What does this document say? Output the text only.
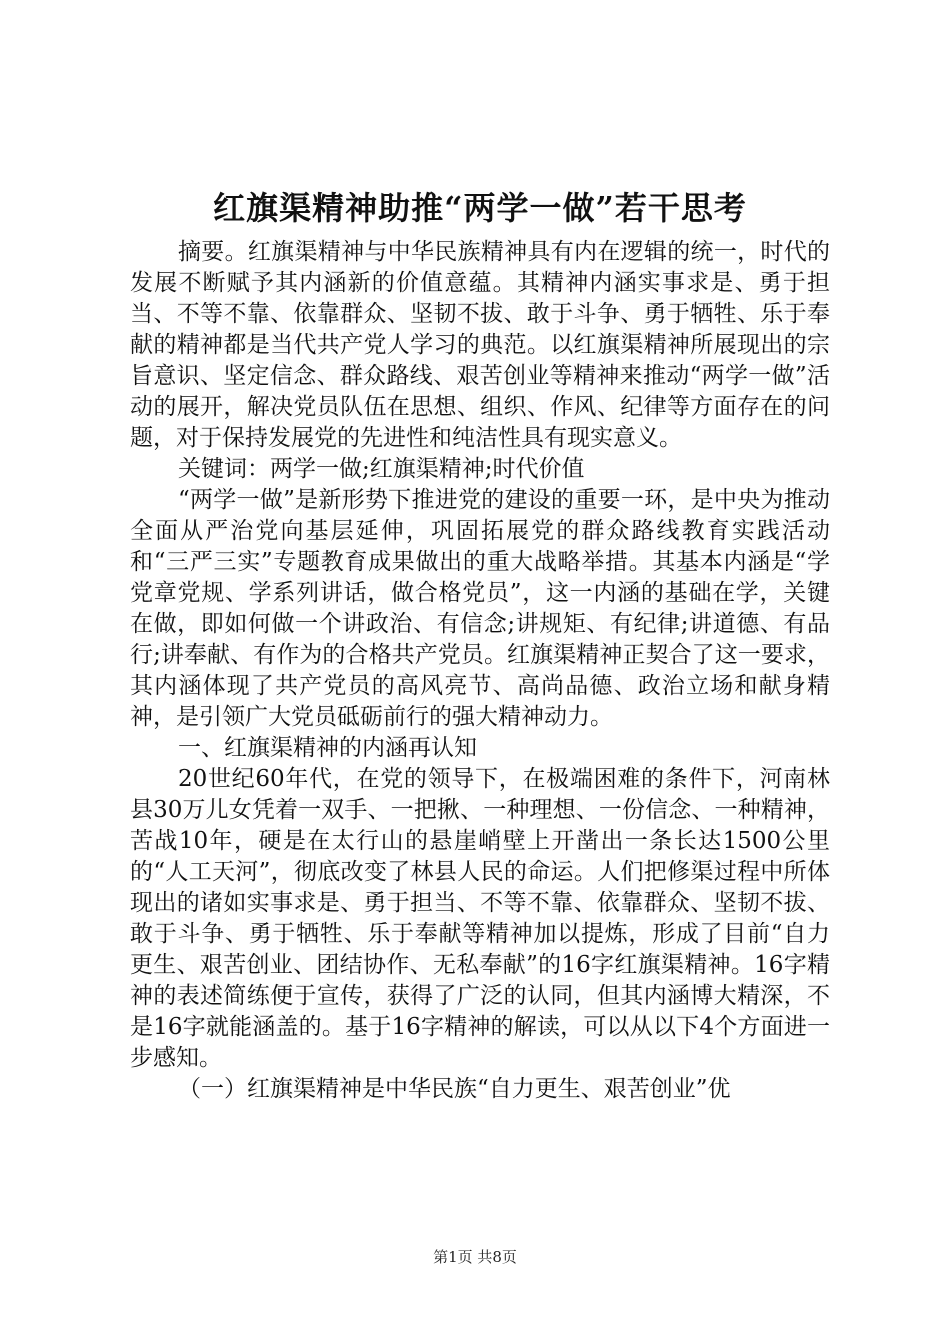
红旗渠精神助推“两学一做”若干思考

摘要。红旗渠精神与中华民族精神具有内在逻辑的统一，时代的发展不断赋予其内涵新的价值意蕴。其精神内涵实事求是、勇于担当、不等不靠、依靠群众、坚韧不拔、敢于斗争、勇于牺牲、乐于奉献的精神都是当代共产党人学习的典范。以红旗渠精神所展现出的宗旨意识、坚定信念、群众路线、艰苦创业等精神来推动“两学一做”活动的展开，解决党员队伍在思想、组织、作风、纪律等方面存在的问题，对于保持发展党的先进性和纯洁性具有现实意义。

关键词：两学一做;红旗渠精神;时代价值

“两学一做”是新形势下推进党的建设的重要一环，是中央为推动全面从严治党向基层延伸，巩固拓展党的群众路线教育实践活动和“三严三实”专题教育成果做出的重大战略举措。其基本内涵是“学党章党规、学系列讲话，做合格党员”，这一内涵的基础在学，关键在做，即如何做一个讲政治、有信念;讲规矩、有纪律;讲道德、有品行;讲奉献、有作为的合格共产党员。红旗渠精神正契合了这一要求，其内涵体现了共产党员的高风亮节、高尚品德、政治立场和献身精神，是引领广大党员砥砺前行的强大精神动力。

一、红旗渠精神的内涵再认知

20世纪60年代，在党的领导下，在极端困难的条件下，河南林县30万儿女凭着一双手、一把揪、一种理想、一份信念、一种精神，苦战10年，硬是在太行山的悬崖峭壁上开凿出一条长达1500公里的“人工天河”，彻底改变了林县人民的命运。人们把修渠过程中所体现出的诸如实事求是、勇于担当、不等不靠、依靠群众、坚韧不拔、敢于斗争、勇于牺牲、乐于奉献等精神加以提炼，形成了目前“自力更生、艰苦创业、团结协作、无私奉献”的16字红旗渠精神。16字精神的表述简练便于宣传，获得了广泛的认同，但其内涵博大精深，不是16字就能涵盖的。基于16字精神的解读，可以从以下4个方面进一步感知。

（一）红旗渠精神是中华民族“自力更生、艰苦创业”优

第1页 共8页
